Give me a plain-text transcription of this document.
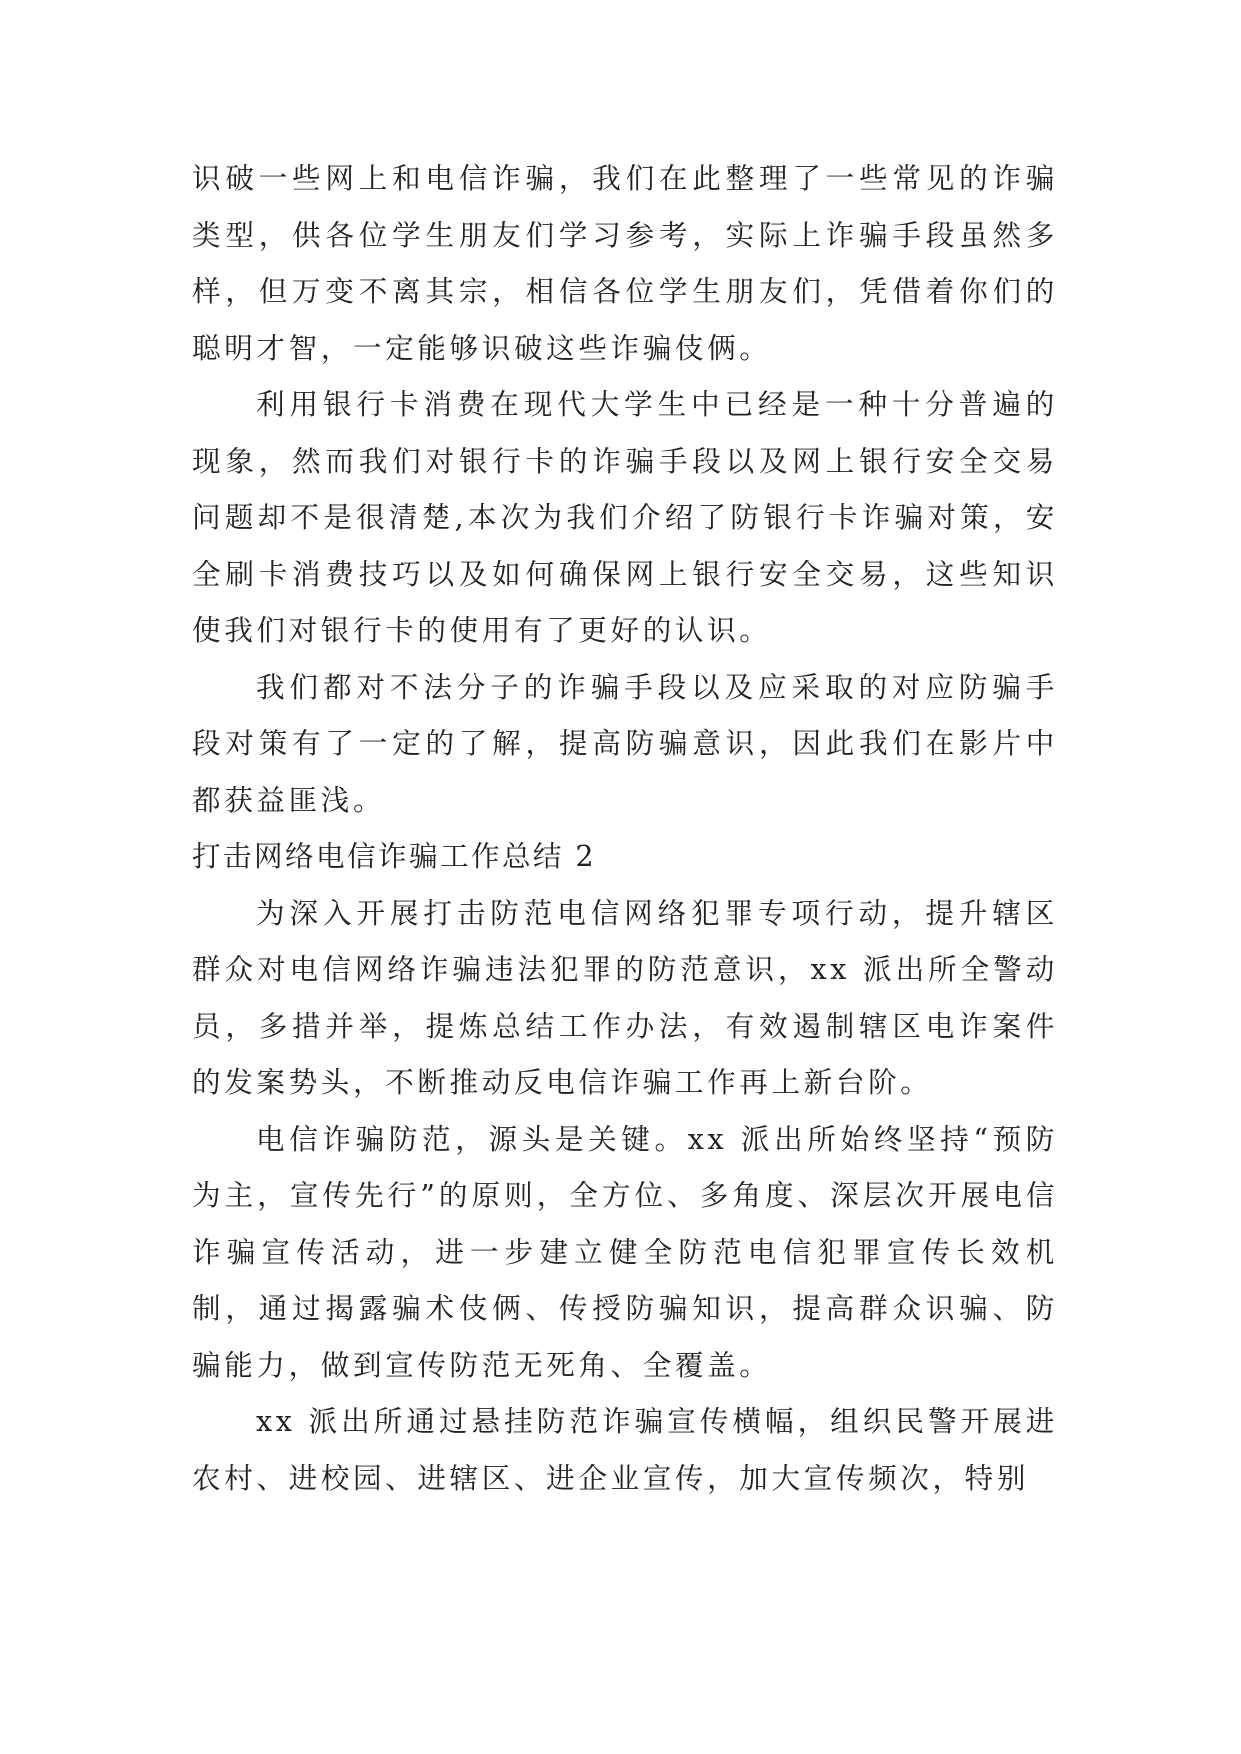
识破一些网上和电信诈骗，我们在此整理了一些常见的诈骗类型，供各位学生朋友们学习参考，实际上诈骗手段虽然多样，但万变不离其宗，相信各位学生朋友们，凭借着你们的聪明才智，一定能够识破这些诈骗伎俩。

利用银行卡消费在现代大学生中已经是一种十分普遍的现象，然而我们对银行卡的诈骗手段以及网上银行安全交易问题却不是很清楚,本次为我们介绍了防银行卡诈骗对策，安全刷卡消费技巧以及如何确保网上银行安全交易，这些知识使我们对银行卡的使用有了更好的认识。

我们都对不法分子的诈骗手段以及应采取的对应防骗手段对策有了一定的了解，提高防骗意识，因此我们在影片中都获益匪浅。

打击网络电信诈骗工作总结 2

为深入开展打击防范电信网络犯罪专项行动，提升辖区群众对电信网络诈骗违法犯罪的防范意识，xx 派出所全警动员，多措并举，提炼总结工作办法，有效遏制辖区电诈案件的发案势头，不断推动反电信诈骗工作再上新台阶。

电信诈骗防范，源头是关键。xx 派出所始终坚持“预防为主，宣传先行”的原则，全方位、多角度、深层次开展电信诈骗宣传活动，进一步建立健全防范电信犯罪宣传长效机制，通过揭露骗术伎俩、传授防骗知识，提高群众识骗、防骗能力，做到宣传防范无死角、全覆盖。

xx 派出所通过悬挂防范诈骗宣传横幅，组织民警开展进农村、进校园、进辖区、进企业宣传，加大宣传频次，特别
